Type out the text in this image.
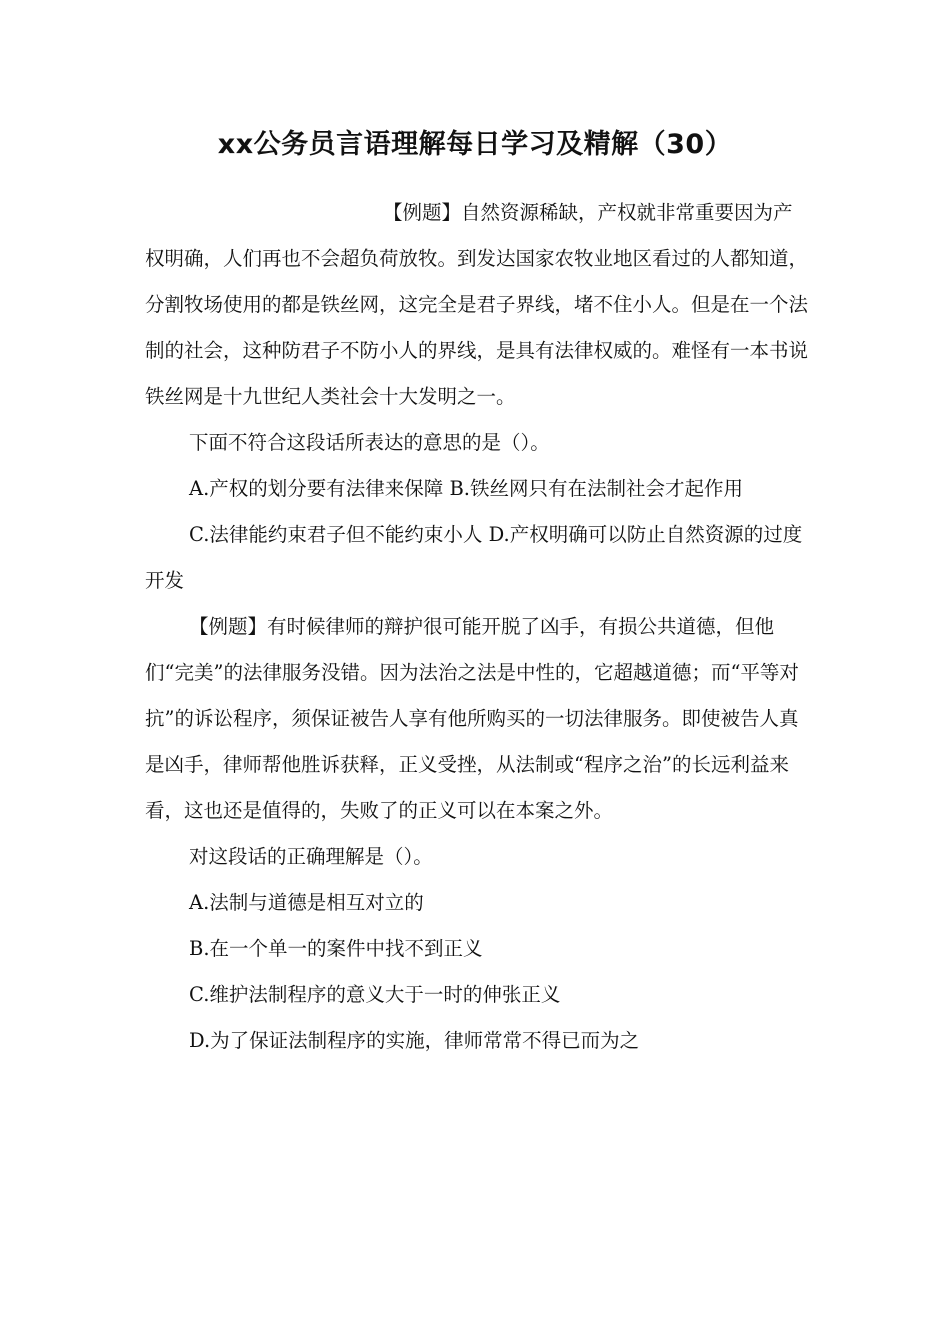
xx公务员言语理解每日学习及精解（30）

【例题】自然资源稀缺，产权就非常重要因为产权明确，人们再也不会超负荷放牧。到发达国家农牧业地区看过的人都知道，分割牧场使用的都是铁丝网，这完全是君子界线，堵不住小人。但是在一个法制的社会，这种防君子不防小人的界线，是具有法律权威的。难怪有一本书说铁丝网是十九世纪人类社会十大发明之一。

下面不符合这段话所表达的意思的是（）。

A.产权的划分要有法律来保障 B.铁丝网只有在法制社会才起作用

C.法律能约束君子但不能约束小人 D.产权明确可以防止自然资源的过度开发

【例题】有时候律师的辩护很可能开脱了凶手，有损公共道德，但他们“完美”的法律服务没错。因为法治之法是中性的，它超越道德；而“平等对抗”的诉讼程序，须保证被告人享有他所购买的一切法律服务。即使被告人真是凶手，律师帮他胜诉获释，正义受挫，从法制或“程序之治”的长远利益来看，这也还是值得的，失败了的正义可以在本案之外。

对这段话的正确理解是（）。

A.法制与道德是相互对立的

B.在一个单一的案件中找不到正义

C.维护法制程序的意义大于一时的伸张正义

D.为了保证法制程序的实施，律师常常不得已而为之
